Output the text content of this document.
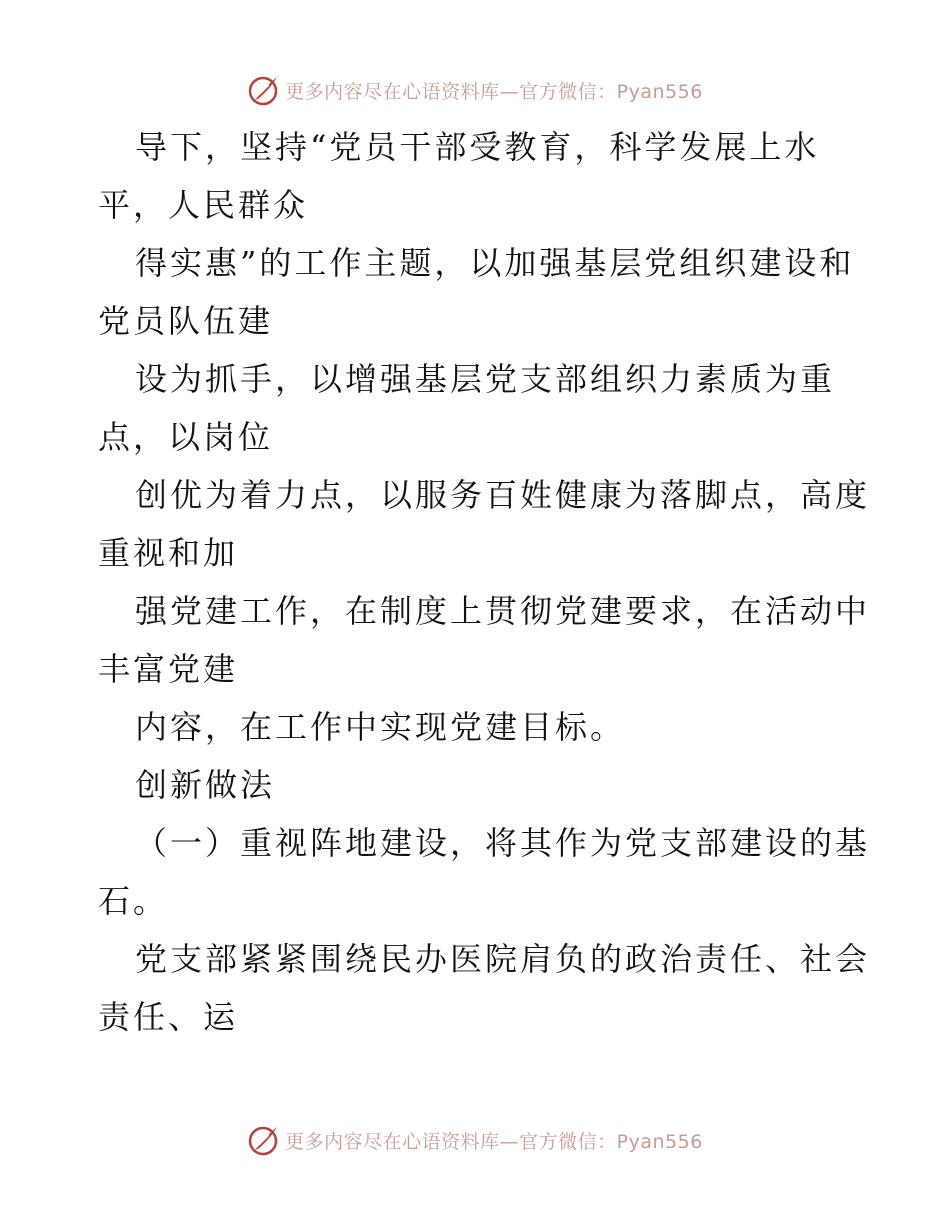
更多内容尽在心语资料库—官方微信：Pyan556
导下，坚持“党员干部受教育，科学发展上水
平，人民群众
得实惠”的工作主题，以加强基层党组织建设和
党员队伍建
设为抓手，以增强基层党支部组织力素质为重
点，以岗位
创优为着力点，以服务百姓健康为落脚点，高度
重视和加
强党建工作，在制度上贯彻党建要求，在活动中
丰富党建
内容，在工作中实现党建目标。
创新做法
（一）重视阵地建设，将其作为党支部建设的基
石。
党支部紧紧围绕民办医院肩负的政治责任、社会
责任、运
更多内容尽在心语资料库—官方微信：Pyan556
